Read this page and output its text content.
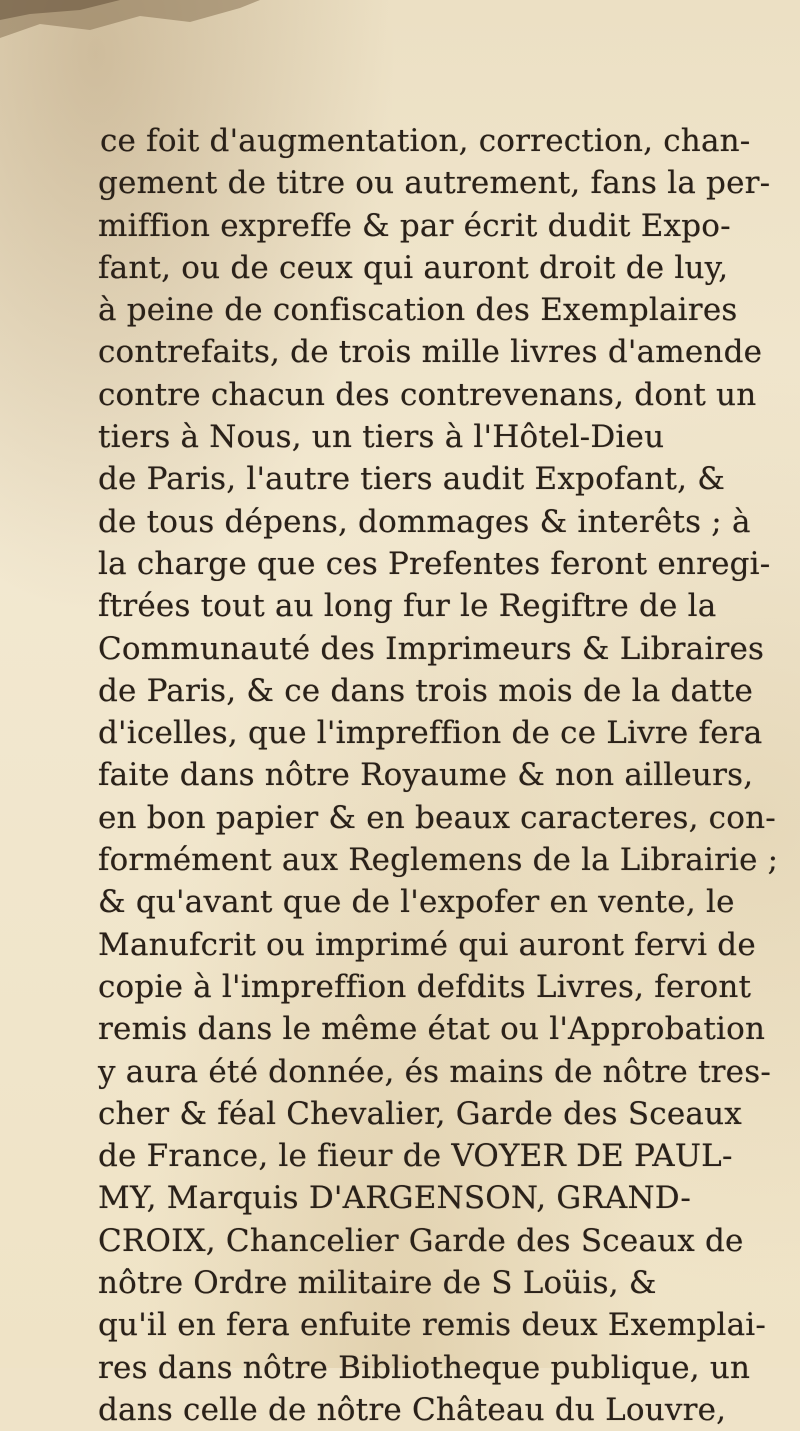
ce foit d'augmentation, correction, chan-
gement de titre ou autrement, fans la per-
miffion expreffe & par écrit dudit Expo-
fant, ou de ceux qui auront droit de luy,
à peine de confiscation des Exemplaires
contrefaits, de trois mille livres d'amende
contre chacun des contrevenans, dont un
tiers à Nous, un tiers à l'Hôtel-Dieu
de Paris, l'autre tiers audit Expofant, &
de tous dépens, dommages & interêts ; à
la charge que ces Prefentes feront enregi-
ftrées tout au long fur le Regiftre de la
Communauté des Imprimeurs & Libraires
de Paris, & ce dans trois mois de la datte
d'icelles, que l'impreffion de ce Livre fera
faite dans nôtre Royaume & non ailleurs,
en bon papier & en beaux caracteres, con-
formément aux Reglemens de la Librairie ;
& qu'avant que de l'expofer en vente, le
Manufcrit ou imprimé qui auront fervi de
copie à l'impreffion defdits Livres, feront
remis dans le même état ou l'Approbation
y aura été donnée, és mains de nôtre tres-
cher & féal Chevalier, Garde des Sceaux
de France, le fieur de VOYER DE PAUL-
MY, Marquis D'ARGENSON, GRAND-
CROIX, Chancelier Garde des Sceaux de
nôtre Ordre militaire de S Loüis, &
qu'il en fera enfuite remis deux Exemplai-
res dans nôtre Bibliotheque publique, un
dans celle de nôtre Château du Louvre,
